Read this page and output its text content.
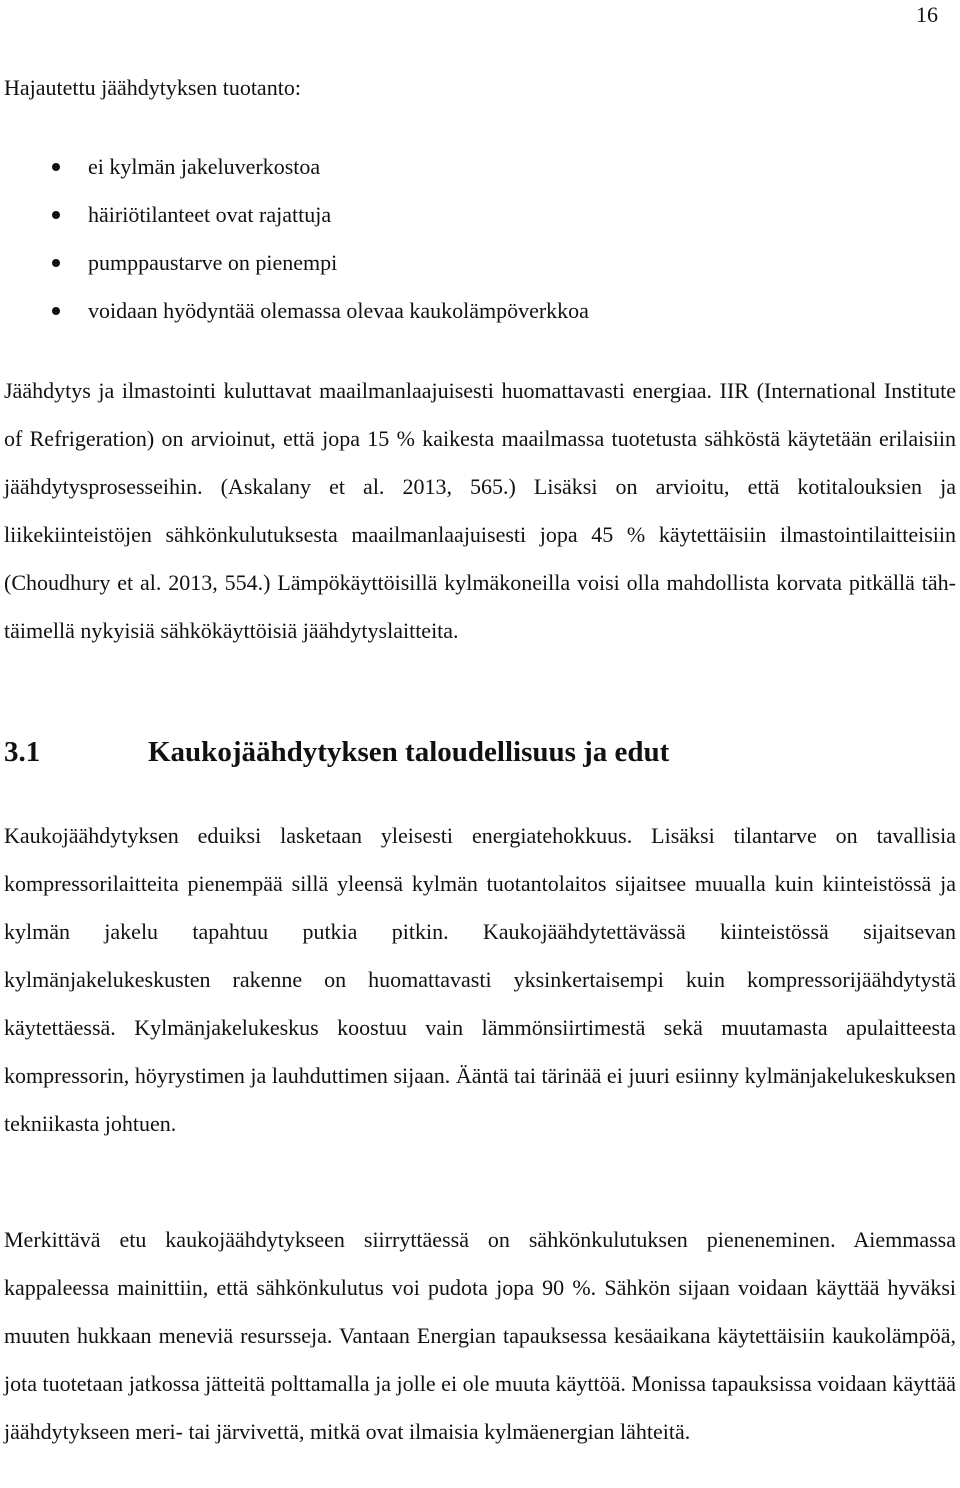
16

Hajautettu jäähdytyksen tuotanto:

ei kylmän jakeluverkostoa
häiriötilanteet ovat rajattuja
pumppaustarve on pienempi
voidaan hyödyntää olemassa olevaa kaukolämpöverkkoa

Jäähdytys ja ilmastointi kuluttavat maailmanlaajuisesti huomattavasti energiaa. IIR (International Institute of Refrigeration) on arvioinut, että jopa 15 % kaikesta maailmassa tuotetusta sähköstä käytetään erilaisiin jäähdytysprosesseihin. (Askalany et al. 2013, 565.) Lisäksi on arvioitu, että kotitalouksien ja liikekiinteistöjen sähkönkulutuksesta maailmanlaajuisesti jopa 45 % käytettäisiin ilmastointilaitteisiin (Choudhury et al. 2013, 554.) Lämpökäyttöisillä kylmäkoneilla voisi olla mahdollista korvata pitkällä tähtäimellä nykyisiä sähkökäyttöisiä jäähdytyslaitteita.

3.1	Kaukojäähdytyksen taloudellisuus ja edut

Kaukojäähdytyksen eduiksi lasketaan yleisesti energiatehokkuus. Lisäksi tilantarve on tavallisia kompressorilaitteita pienempää sillä yleensä kylmän tuotantolaitos sijaitsee muualla kuin kiinteistössä ja kylmän jakelu tapahtuu putkia pitkin. Kaukojäähdytettävässä kiinteistössä sijaitsevan kylmänjakelukeskusten rakenne on huomattavasti yksinkertaisempi kuin kompressorijäähdytystä käytettäessä. Kylmänjakelukeskus koostuu vain lämmönsiirtimestä sekä muutamasta apulaitteesta kompressorin, höyrystimen ja lauhduttimen sijaan. Ääntä tai tärinää ei juuri esiinny kylmänjakelukeskuksen tekniikasta johtuen.

Merkittävä etu kaukojäähdytykseen siirryttäessä on sähkönkulutuksen pieneneminen. Aiemmassa kappaleessa mainittiin, että sähkönkulutus voi pudota jopa 90 %. Sähkön sijaan voidaan käyttää hyväksi muuten hukkaan meneviä resursseja. Vantaan Energian tapauksessa kesäaikana käytettäisiin kaukolämpöä, jota tuotetaan jatkossa jätteitä polttamalla ja jolle ei ole muuta käyttöä. Monissa tapauksissa voidaan käyttää jäähdytykseen meri- tai järvivettä, mitkä ovat ilmaisia kylmäenergian lähteitä.
